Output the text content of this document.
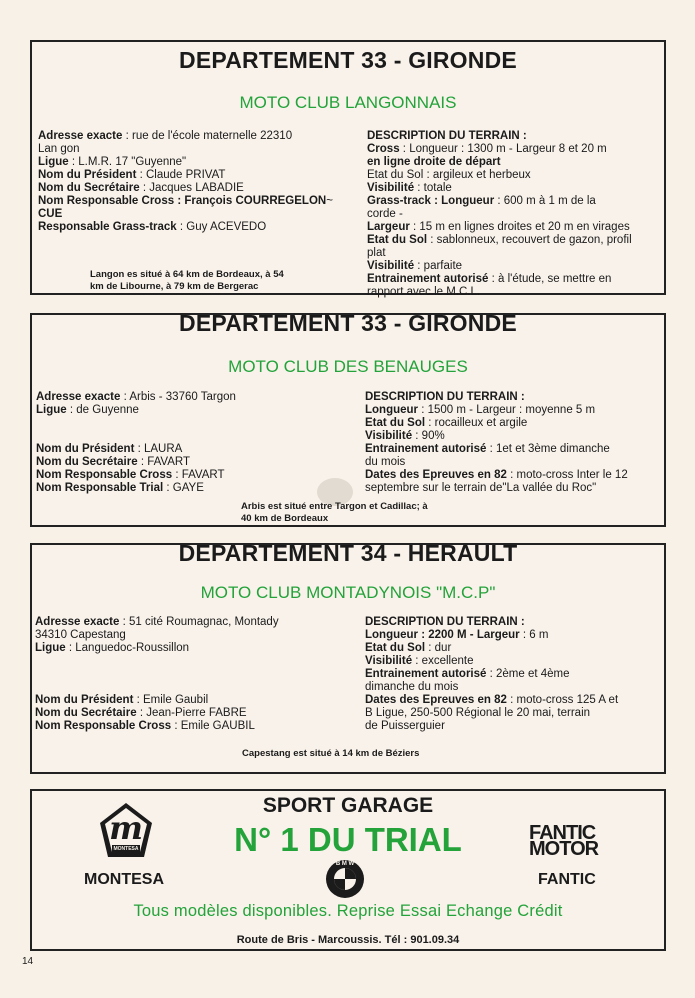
DEPARTEMENT 33 - GIRONDE
MOTO CLUB LANGONNAIS
Adresse exacte : rue de l'école maternelle 22310
Lan gon
Ligue : L.M.R. 17 "Guyenne"
Nom du Président : Claude PRIVAT
Nom du Secrétaire : Jacques LABADIE
Nom Responsable Cross : François COURREGELON~
CUE
Responsable Grass-track : Guy ACEVEDO
DESCRIPTION DU TERRAIN :
Cross : Longueur : 1300 m - Largeur 8 et 20 m
en ligne droite de départ
Etat du Sol : argileux et herbeux
Visibilité : totale
Grass-track : Longueur : 600 m à 1 m de la
corde -
Largeur : 15 m en lignes droites et 20 m en virages
Etat du Sol : sablonneux, recouvert de gazon, profil
plat
Visibilité : parfaite
Entrainement autorisé : à l'étude, se mettre en
rapport avec le M.C.L.
Langon es situé à 64 km de Bordeaux, à 54
km de Libourne, à 79 km de Bergerac
DEPARTEMENT 33 - GIRONDE
MOTO CLUB DES BENAUGES
Adresse exacte : Arbis - 33760 Targon
Ligue : de Guyenne
Nom du Président : LAURA
Nom du Secrétaire : FAVART
Nom Responsable Cross : FAVART
Nom Responsable Trial : GAYE
DESCRIPTION DU TERRAIN :
Longueur : 1500 m - Largeur : moyenne 5 m
Etat du Sol : rocailleux et argile
Visibilité : 90%
Entrainement autorisé : 1et et 3ème dimanche
du mois
Dates des Epreuves en 82 : moto-cross Inter le 12
septembre sur le terrain de"La vallée du Roc"
Arbis est situé entre Targon et Cadillac; à
40 km de Bordeaux
DEPARTEMENT 34 - HERAULT
MOTO CLUB MONTADYNOIS "M.C.P"
Adresse exacte : 51 cité Roumagnac, Montady
34310 Capestang
Ligue : Languedoc-Roussillon
Nom du Président : Emile Gaubil
Nom du Secrétaire : Jean-Pierre FABRE
Nom Responsable Cross : Emile GAUBIL
DESCRIPTION DU TERRAIN :
Longueur : 2200 M - Largeur : 6 m
Etat du Sol : dur
Visibilité : excellente
Entrainement autorisé : 2ème et 4ème
dimanche du mois
Dates des Epreuves en 82 : moto-cross 125 A et
B Ligue, 250-500 Régional le 20 mai, terrain
de Puisserguier
Capestang est situé à 14 km de Béziers
SPORT GARAGE
N° 1 DU TRIAL
m
MONTESA
MONTESA
FANTIC
MOTOR
FANTIC
B M W
Tous modèles disponibles. Reprise Essai Echange Crédit
Route de Bris - Marcoussis. Tél : 901.09.34
14
